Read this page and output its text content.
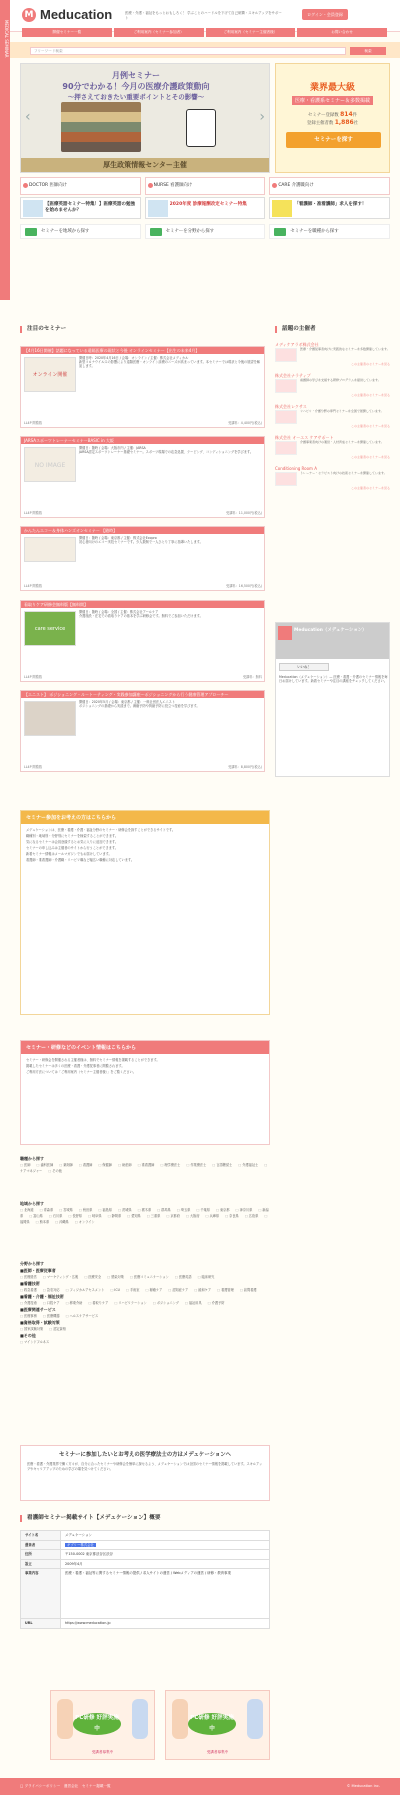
MEDICAL SEMINAR
M Meducation	医療・介護・福祉をもっとおもしろく！ 学ぶことのハードルを下げて自己研鑽・スキルアップをサポート
ログイン・会員登録
開催セミナー一覧	ご利用案内（セミナー参加者）	ご利用案内（セミナー主催者様）	お問い合わせ
フリーワード検索	検索
月例セミナー
90分でわかる！今月の医療介護政策動向
～押さえておきたい重要ポイントとその影響～
‹	›
厚生政策情報センター主催
業界最大級
医療・看護系セミナー＆多数掲載
セミナー登録数 814件
登録主催者数 1,886社
セミナーを探す
DOCTOR 医師向け	NURSE 看護師向け	CARE 介護職向け
【医療英語セミナー特集！】医療英語の勉強を始めませんか？
2020年度 診療報酬改定セミナー特集	「看護師・准看護師」求人を探す！
セミナーを地域から探す	セミナーを分野から探す	セミナーを職種から探す
注目のセミナー	話題の主催者
【4月16日開催】話題になっている遠隔医療の現状と今後 オンラインセミナー【出生の未来4月】
オンライン開催
開催日時：2020年4月16日 / 会場：オンライン / 主催：株式会社メディカル
新型コロナウイルスの影響により遠隔医療・オンライン診療のニーズが高まっています。本セミナーでは現状と今後の展望を解説します。
LL4P 閲覧数	受講料：4,400円(税込)
JARSAスポーツトレーナーセミナーBASIC in 大阪
NO IMAGE
開催日：随時 / 会場：大阪市内 / 主催：JARSA
JARSA認定スポーツトレーナー基礎セミナー。スポーツ現場での応急処置、テーピング、コンディショニングを学びます。
LL4P 閲覧数	受講料：11,000円(税込)
かんたんエコー＆身体ハンズオンセミナー 【随時】
開催日：随時 / 会場：東京都 / 主催：株式会社Ecopro
初心者向けのエコー実技セミナーです。少人数制で一人ひとり丁寧に指導いたします。
LL4P 閲覧数	受講料：16,500円(税込)
看取りケア研修会無料版【無料開】
care service
開催日：随時 / 会場：全国 / 主催：株式会社アールケア
介護施設・在宅での看取りケアの基本を学ぶ研修会です。無料でご参加いただけます。
LL4P 閲覧数	受講料：無料
【エニスト】 ポジショニング・ルートーティング・実践参加講座～ポジショニングから行う健康管理アプローチ～
開催日：2020年5月 / 会場：東京都 / 主催：一般社団法人エニスト
ポジショニングの基礎から実践まで。褥瘡予防や拘縮予防に役立つ技術を学びます。
LL4P 閲覧数	受講料：8,800円(税込)
メディケアラボ株式会社
医療・介護従事者向けに実践的なセミナーを多数開催しています。
この主催者のセミナーを見る
株式会社ナラティブ
看護師の学びを支援する研修プログラムを提供しています。
この主催者のセミナーを見る
株式会社レクサス
リハビリ・介護分野の専門セミナーを全国で展開しています。
この主催者のセミナーを見る
株式会社 オーエス ケアサポート
介護事業者向けの運営・人材育成セミナーを開催しています。
この主催者のセミナーを見る
Conditioning Room A
トレーナー・セラピスト向けの技術セミナーを開催しています。
この主催者のセミナーを見る
Meducation（メデュケーション）
いいね！
Meducation（メデュケーション）— 医療・看護・介護のセミナー情報を毎日お届けしています。新着セミナーや注目の講座をチェックしてください。
セミナー参加をお考えの方はこちらから
メデュケーションは、医療・看護・介護・福祉分野のセミナー・研修会を探すことができるサイトです。
職種別・地域別・分野別にセミナーを検索することができます。
気になるセミナーは会員登録するとお気に入りに追加できます。
セミナーの申し込みは主催者のサイトから行うことができます。
新着セミナー情報はメールマガジンでもお届けしています。
看護師・准看護師・介護職・リハビリ職など幅広い職種に対応しています。
セミナー・研修などのイベント情報はこちらから
セミナー・研修会を開催される主催者様は、無料でセミナー情報を掲載することができます。
掲載したセミナーは多くの医療・看護・介護従事者に閲覧されます。
ご利用方法については「ご利用案内（セミナー主催者様）」をご覧ください。
職種から探す
□ 医師	□ 歯科医師	□ 薬剤師	□ 看護師	□ 保健師	□ 助産師	□ 准看護師	□ 理学療法士	□ 作業療法士	□ 言語聴覚士	□ 介護福祉士□ ケアマネジャー	□ その他
地域から探す
□ 北海道	□ 青森県	□ 宮城県	□ 秋田県	□ 福島県	□ 茨城県	□ 栃木県	□ 群馬県	□ 埼玉県	□ 千葉県	□ 東京都	□ 神奈川県	□ 新潟県	□ 富山県	□ 石川県	□ 長野県	□ 岐阜県	□ 静岡県	□ 愛知県	□ 三重県	□ 京都府	□ 大阪府	□ 兵庫県	□ 奈良県	□ 広島県□ 福岡県	□ 熊本県	□ 沖縄県	□ オンライン
分野から探す
■医師・医療従事者
□ 医療経営	□ マーケティング・広報	□ 医療安全	□ 感染対策	□ 医療コミュニケーション	□ 医療英語	□ 臨床研究
■看護技術
□ 救急看護	□ 急変対応	□ フィジカルアセスメント	□ ICU	□ 手術室	□ 褥瘡ケア	□ 認知症ケア	□ 緩和ケア	□ 看護管理	□ 訪問看護
■看護・介護・福祉技術
□ 介護技術	□ 口腔ケア	□ 移乗介助	□ 看取りケア	□ リハビリテーション	□ ポジショニング	□ 福祉用具	□ 介護予防
■医療関連サービス
□ 医療事務	□ 医療機器	□ ヘルスケアサービス
■資格取得・試験対策
□ 国家試験対策	□ 認定資格
■その他
□ マインドフルネス
セミナーに参加したいとお考えの医学療法士の方はメデュケーションへ

医療・看護・介護業界で働く方々が、自分に合ったセミナーや研修会を簡単に探せるよう、メデュケーションでは全国のセミナー情報を掲載しています。スキルアップやキャリアアップのための学びの場を見つけてください。

看護師セミナー掲載サイト【メデュケーション】概要
サイト名	メデュケーション
運営者	ギブリー株式会社
住所	〒150-0002 東京都渋谷区渋谷
設立	2009年4月
事業内容	医療・看護・福祉等に関するセミナー情報の提供 / 求人サイトの運営 / Webメディアの運営 / 研修・教育事業
URL	https://www.meducation.jp
PC研修 好評実施中
受講者募集中
PC研修 好評実施中
受講者募集中
□ プライバシーポリシー　運営会社　セミナー掲載一覧	© Meducation inc.
